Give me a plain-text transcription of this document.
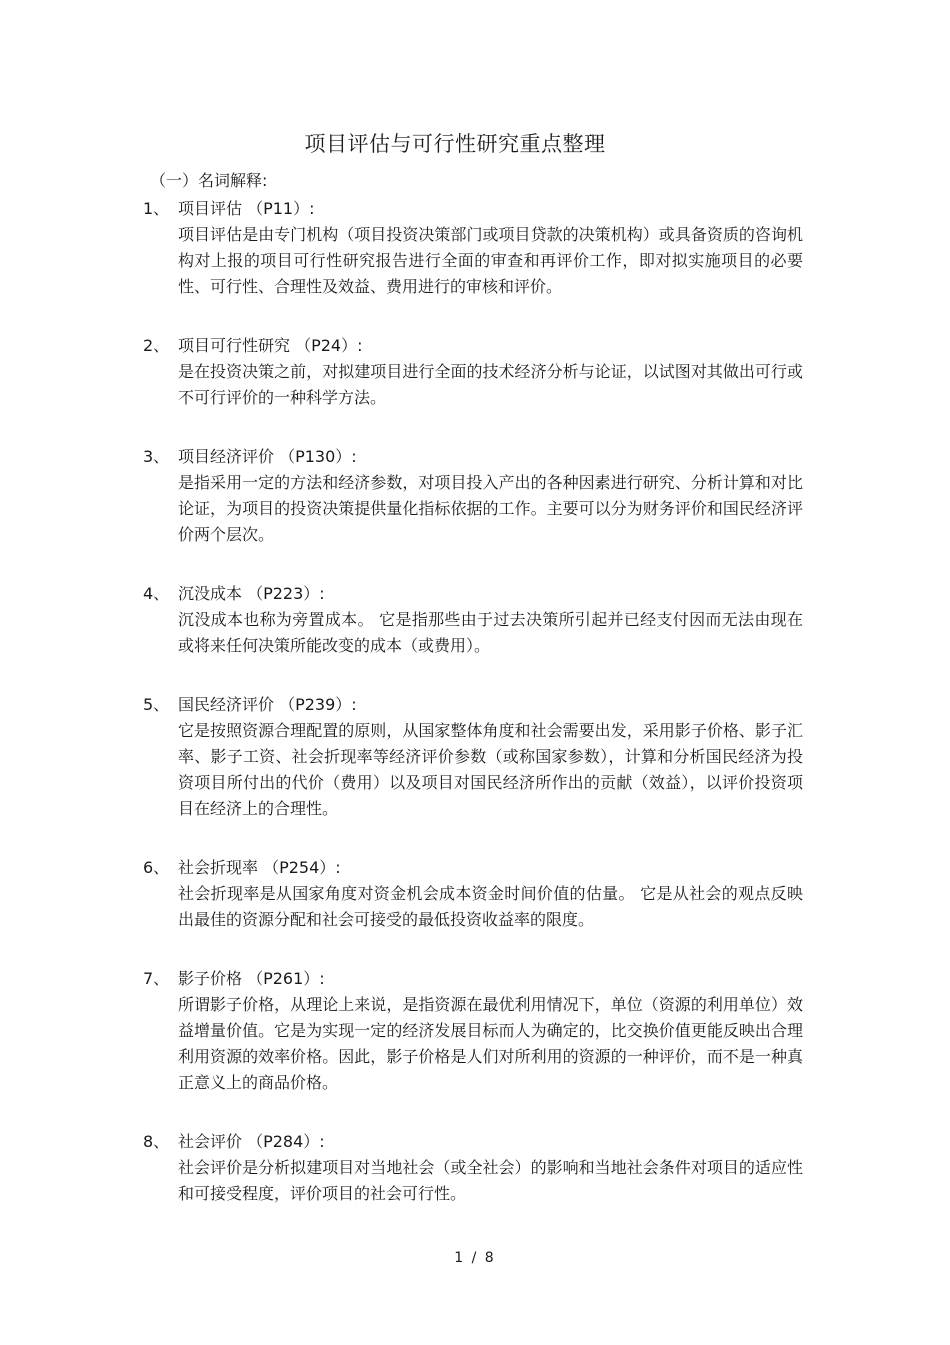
项目评估与可行性研究重点整理
（一）名词解释:
1、 项目评估 （P11）:
项目评估是由专门机构（项目投资决策部门或项目贷款的决策机构）或具备资质的咨询机构对上报的项目可行性研究报告进行全面的审查和再评价工作，即对拟实施项目的必要性、可行性、合理性及效益、费用进行的审核和评价。
2、 项目可行性研究 （P24）:
是在投资决策之前，对拟建项目进行全面的技术经济分析与论证，以试图对其做出可行或不可行评价的一种科学方法。
3、 项目经济评价 （P130）:
是指采用一定的方法和经济参数，对项目投入产出的各种因素进行研究、分析计算和对比论证，为项目的投资决策提供量化指标依据的工作。主要可以分为财务评价和国民经济评价两个层次。
4、 沉没成本 （P223）:
沉没成本也称为旁置成本。 它是指那些由于过去决策所引起并已经支付因而无法由现在或将来任何决策所能改变的成本（或费用）。
5、 国民经济评价 （P239）:
它是按照资源合理配置的原则，从国家整体角度和社会需要出发，采用影子价格、影子汇率、影子工资、社会折现率等经济评价参数（或称国家参数），计算和分析国民经济为投资项目所付出的代价（费用）以及项目对国民经济所作出的贡献（效益），以评价投资项目在经济上的合理性。
6、 社会折现率 （P254）:
社会折现率是从国家角度对资金机会成本资金时间价值的估量。 它是从社会的观点反映出最佳的资源分配和社会可接受的最低投资收益率的限度。
7、 影子价格 （P261）:
所谓影子价格，从理论上来说，是指资源在最优利用情况下，单位（资源的利用单位）效益增量价值。它是为实现一定的经济发展目标而人为确定的，比交换价值更能反映出合理利用资源的效率价格。因此，影子价格是人们对所利用的资源的一种评价，而不是一种真正意义上的商品价格。
8、 社会评价 （P284）:
社会评价是分析拟建项目对当地社会（或全社会）的影响和当地社会条件对项目的适应性和可接受程度，评价项目的社会可行性。
1 / 8
